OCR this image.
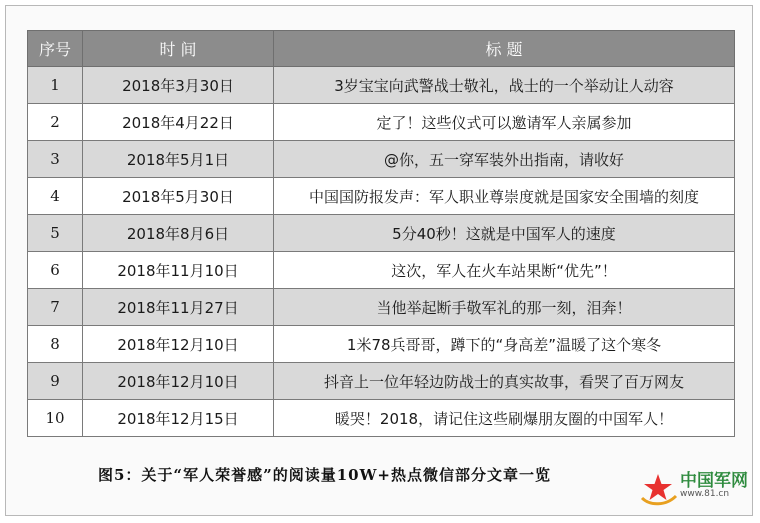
序号	时 间	标 题
1	2018年3月30日	3岁宝宝向武警战士敬礼，战士的一个举动让人动容
2	2018年4月22日	定了！这些仪式可以邀请军人亲属参加
3	2018年5月1日	@你，五一穿军装外出指南，请收好
4	2018年5月30日	中国国防报发声：军人职业尊崇度就是国家安全围墙的刻度
5	2018年8月6日	5分40秒！这就是中国军人的速度
6	2018年11月10日	这次，军人在火车站果断“优先”！
7	2018年11月27日	当他举起断手敬军礼的那一刻，泪奔！
8	2018年12月10日	1米78兵哥哥，蹲下的“身高差”温暖了这个寒冬
9	2018年12月10日	抖音上一位年轻边防战士的真实故事，看哭了百万网友
10	2018年12月15日	暖哭！2018，请记住这些刷爆朋友圈的中国军人！
图5：关于“军人荣誉感”的阅读量10W+热点微信部分文章一览	中国军网
www.81.cn
